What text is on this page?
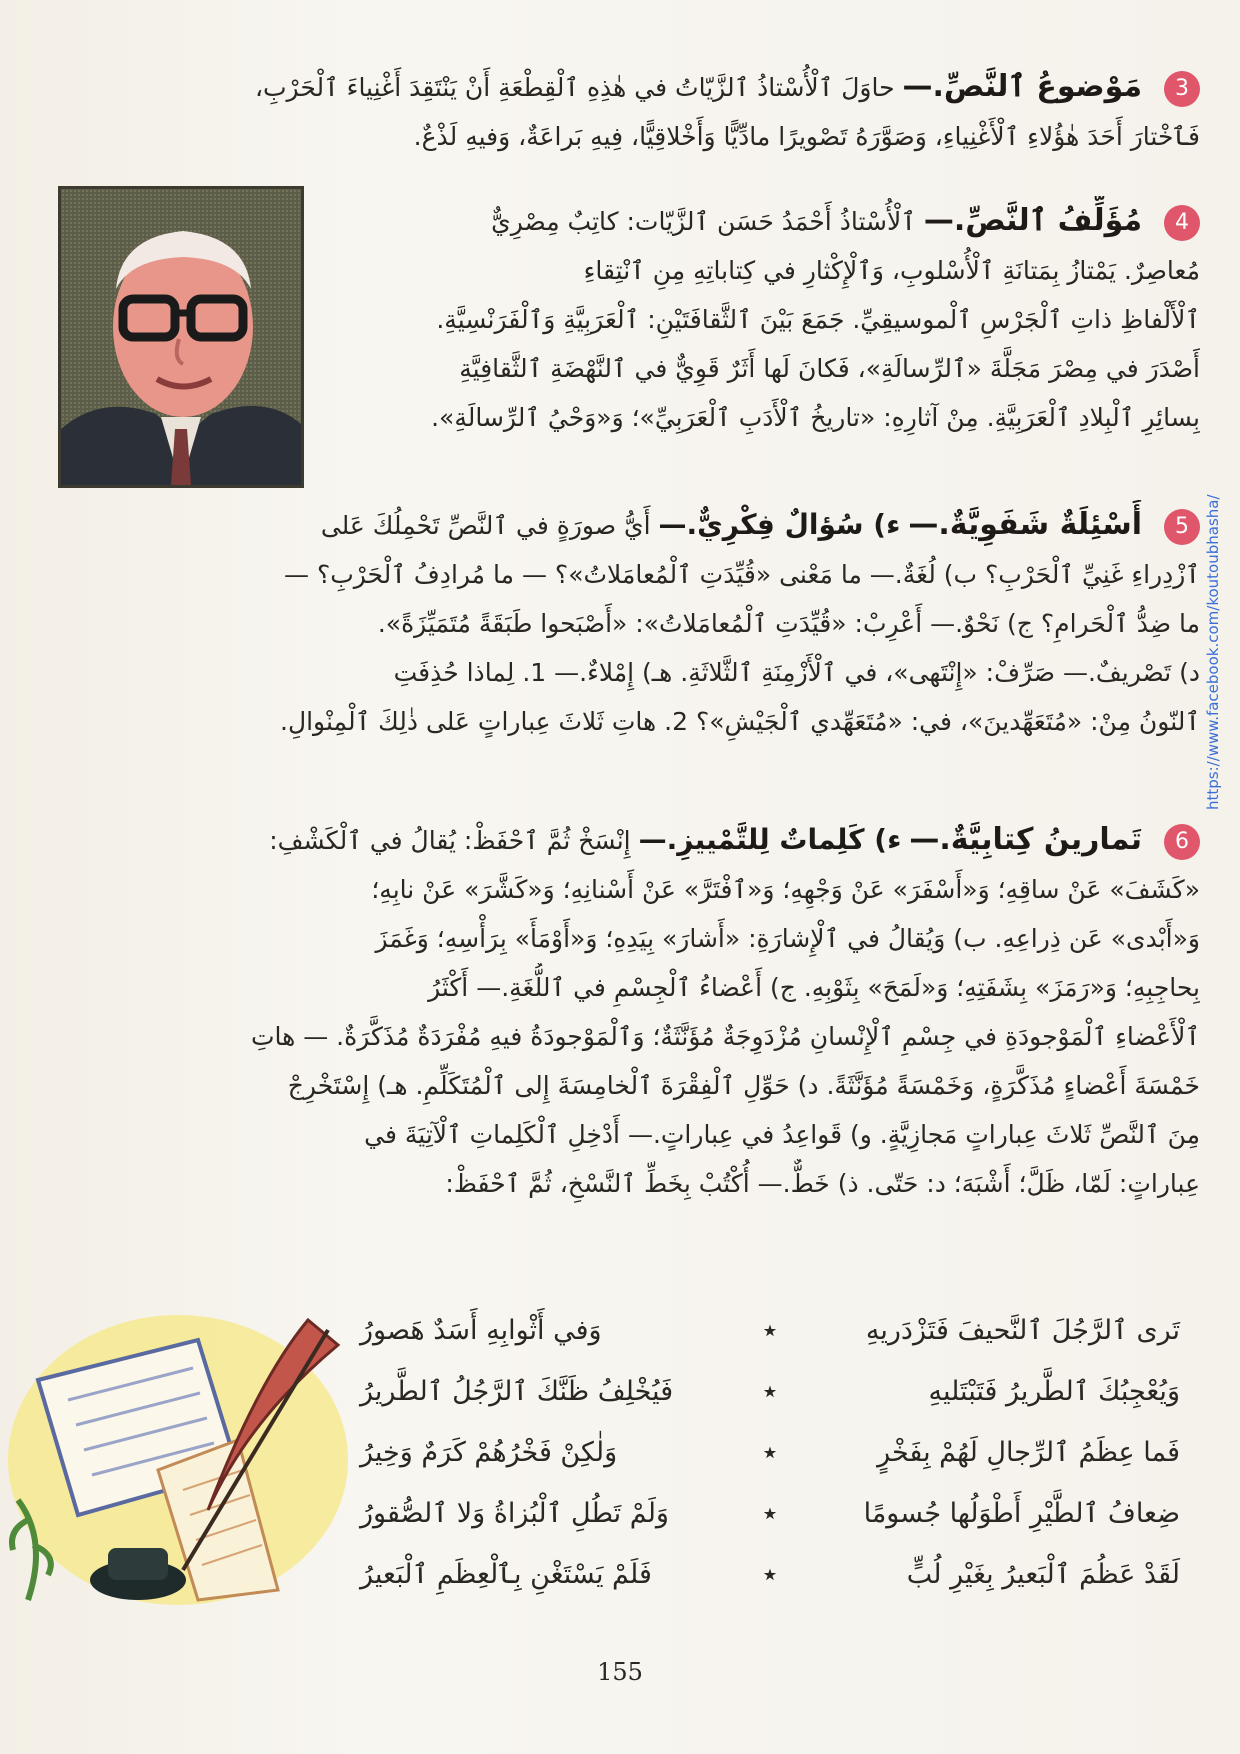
3 مَوْضوعُ ٱلنَّصِّ.— حاوَلَ ٱلْأُسْتاذُ ٱلزَّيّاتُ في هٰذِهِ ٱلْقِطْعَةِ أَنْ يَنْتَقِدَ أَغْنِياءَ ٱلْحَرْبِ،
فَٱخْتارَ أَحَدَ هٰؤُلاءِ ٱلْأَغْنِياءِ، وَصَوَّرَهُ تَصْويرًا مادِّيًّا وَأَخْلاقِيًّا، فِيهِ بَراعَةٌ، وَفيهِ لَذْعٌ.
4 مُؤَلِّفُ ٱلنَّصِّ.— ٱلْأُسْتاذُ أَحْمَدُ حَسَن ٱلزَّيّات: كاتِبٌ مِصْرِيٌّ
مُعاصِرٌ. يَمْتازُ بِمَتانَةِ ٱلْأُسْلوبِ، وَٱلْإِكْثارِ في كِتاباتِهِ مِنِ ٱنْتِقاءِ
ٱلْأَلْفاظِ ذاتِ ٱلْجَرْسِ ٱلْموسيقِيِّ. جَمَعَ بَيْنَ ٱلثَّقافَتَيْنِ: ٱلْعَرَبِيَّةِ وَٱلْفَرَنْسِيَّةِ.
أَصْدَرَ في مِصْرَ مَجَلَّةَ «ٱلرِّسالَةِ»، فَكانَ لَها أَثَرٌ قَوِيٌّ في ٱلنَّهْضَةِ ٱلثَّقافِيَّةِ
بِسائِرِ ٱلْبِلادِ ٱلْعَرَبِيَّةِ. مِنْ آثارِهِ: «تاريخُ ٱلْأَدَبِ ٱلْعَرَبِيِّ»؛ وَ«وَحْيُ ٱلرِّسالَةِ».
5 أَسْئِلَةٌ شَفَوِيَّةٌ.— ء) سُؤالٌ فِكْرِيٌّ.— أَيُّ صورَةٍ في ٱلنَّصِّ تَحْمِلُكَ عَلى
ٱزْدِراءِ غَنِيِّ ٱلْحَرْبِ؟ ب) لُغَةٌ.— ما مَعْنى «قُيِّدَتِ ٱلْمُعامَلاتُ»؟ — ما مُرادِفُ ٱلْحَرْبِ؟ —
ما ضِدُّ ٱلْحَرامِ؟ ج) نَحْوٌ.— أَعْرِبْ: «قُيِّدَتِ ٱلْمُعامَلاتُ»: «أَصْبَحوا طَبَقَةً مُتَمَيِّزَةً».
د) تَصْريفٌ.— صَرِّفْ: «إِنْتَهى»، في ٱلْأَزْمِنَةِ ٱلثَّلاثَةِ. هـ) إِمْلاءٌ.— 1. لِماذا حُذِفَتِ
ٱلنّونُ مِنْ: «مُتَعَهِّدينَ»، في: «مُتَعَهِّدي ٱلْجَيْشِ»؟ 2. هاتِ ثَلاثَ عِباراتٍ عَلى ذٰلِكَ ٱلْمِنْوالِ.
6 تَمارينُ كِتابِيَّةٌ.— ء) كَلِماتٌ لِلتَّمْييزِ.— إِنْسَخْ ثُمَّ ٱحْفَظْ: يُقالُ في ٱلْكَشْفِ:
«كَشَفَ» عَنْ ساقِهِ؛ وَ«أَسْفَرَ» عَنْ وَجْهِهِ؛ وَ«ٱفْتَرَّ» عَنْ أَسْنانِهِ؛ وَ«كَشَّرَ» عَنْ نابِهِ؛
وَ«أَبْدى» عَن ذِراعِهِ. ب) وَيُقالُ في ٱلْإِشارَةِ: «أَشارَ» بِيَدِهِ؛ وَ«أَوْمَأَ» بِرَأْسِهِ؛ وَغَمَزَ
بِحاجِبِهِ؛ وَ«رَمَزَ» بِشَفَتِهِ؛ وَ«لَمَحَ» بِثَوْبِهِ. ج) أَعْضاءُ ٱلْجِسْمِ في ٱللُّغَةِ.— أَكْثَرُ
ٱلْأَعْضاءِ ٱلْمَوْجودَةِ في جِسْمِ ٱلْإِنْسانِ مُزْدَوِجَةٌ مُؤَنَّثَةٌ؛ وَٱلْمَوْجودَةُ فيهِ مُفْرَدَةٌ مُذَكَّرَةٌ. — هاتِ
خَمْسَةَ أَعْضاءٍ مُذَكَّرَةٍ، وَخَمْسَةً مُؤَنَّثَةً. د) حَوِّلِ ٱلْفِقْرَةَ ٱلْخامِسَةَ إِلى ٱلْمُتَكَلِّمِ. هـ) إِسْتَخْرِجْ
مِنَ ٱلنَّصِّ ثَلاثَ عِباراتٍ مَجازِيَّةٍ. و) قَواعِدُ في عِباراتٍ.— أَدْخِلِ ٱلْكَلِماتِ ٱلْآتِيَةَ في
عِباراتٍ: لَمّا، ظَلَّ؛ أَشْبَهَ؛ د: حَتّى. ذ) خَطٌّ.— أُكْتُبْ بِخَطِّ ٱلنَّسْخِ، ثُمَّ ٱحْفَظْ:
تَرى ٱلرَّجُلَ ٱلنَّحيفَ فَتَزْدَريهِ
٭
وَفي أَثْوابِهِ أَسَدٌ هَصورُ
وَيُعْجِبُكَ ٱلطَّريرُ فَتَبْتَليهِ
٭
فَيُخْلِفُ ظَنَّكَ ٱلرَّجُلُ ٱلطَّريرُ
فَما عِظَمُ ٱلرِّجالِ لَهُمْ بِفَخْرٍ
٭
وَلٰكِنْ فَخْرُهُمْ كَرَمٌ وَخِيرُ
ضِعافُ ٱلطَّيْرِ أَطْوَلُها جُسومًا
٭
وَلَمْ تَطُلِ ٱلْبُزاةُ وَلا ٱلصُّقورُ
لَقَدْ عَظُمَ ٱلْبَعيرُ بِغَيْرِ لُبٍّ
٭
فَلَمْ يَسْتَغْنِ بِٱلْعِظَمِ ٱلْبَعيرُ
155
https://www.facebook.com/koutoubhasha/
